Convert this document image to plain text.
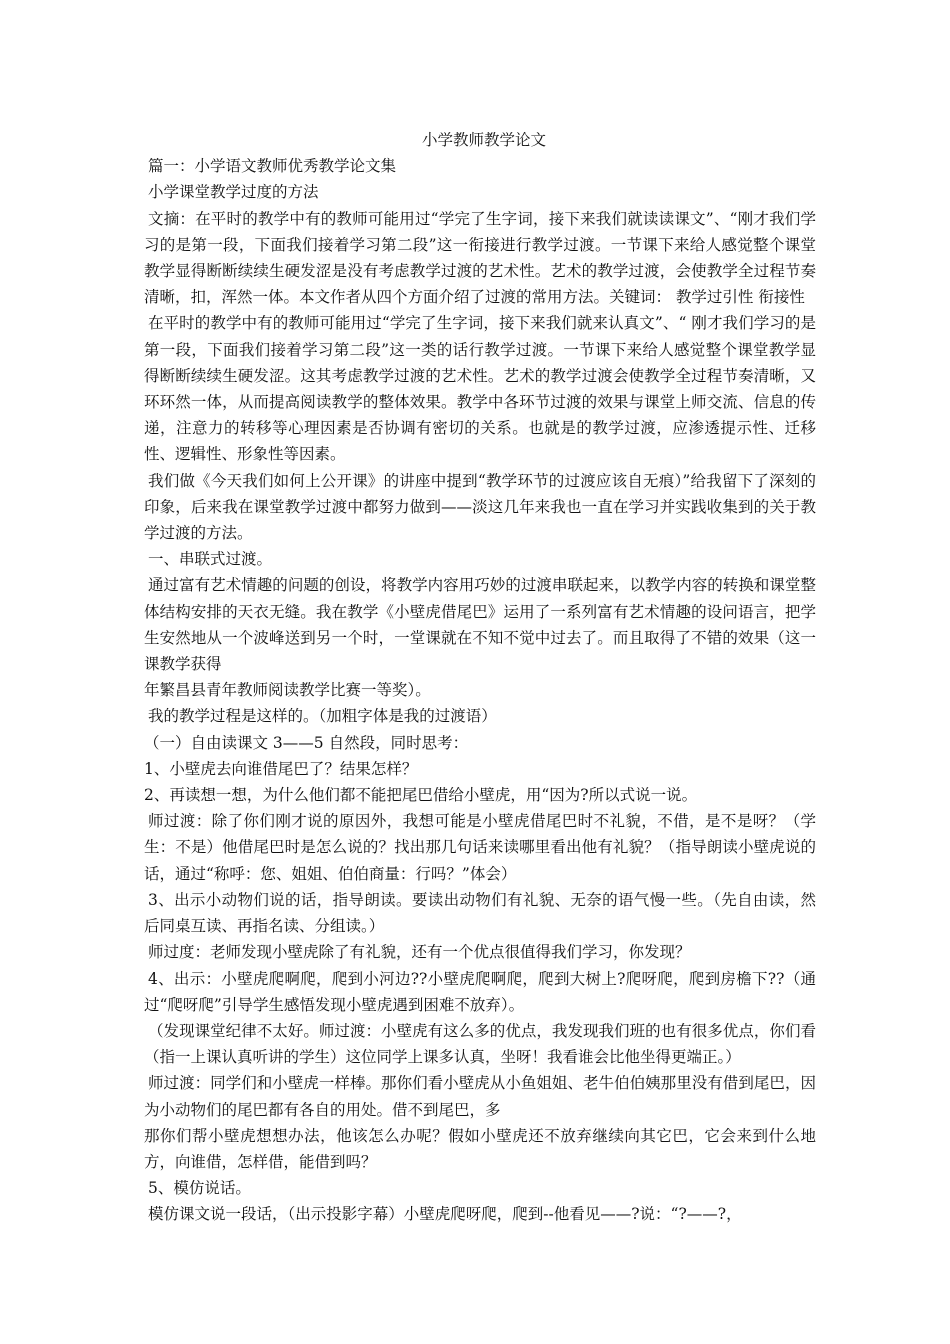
小学教师教学论文

篇一：小学语文教师优秀教学论文集

小学课堂教学过度的方法

文摘：在平时的教学中有的教师可能用过“学完了生字词，接下来我们就读读课文”、“刚才我们学习的是第一段，下面我们接着学习第二段”这一衔接进行教学过渡。一节课下来给人感觉整个课堂教学显得断断续续生硬发涩是没有考虑教学过渡的艺术性。艺术的教学过渡，会使教学全过程节奏清晰，扣，浑然一体。本文作者从四个方面介绍了过渡的常用方法。关键词： 教学过引性 衔接性

在平时的教学中有的教师可能用过“学完了生字词，接下来我们就来认真文”、“ 刚才我们学习的是第一段，下面我们接着学习第二段”这一类的话行教学过渡。一节课下来给人感觉整个课堂教学显得断断续续生硬发涩。这其考虑教学过渡的艺术性。艺术的教学过渡会使教学全过程节奏清晰，又环环然一体，从而提高阅读教学的整体效果。教学中各环节过渡的效果与课堂上师交流、信息的传递，注意力的转移等心理因素是否协调有密切的关系。也就是的教学过渡，应渗透提示性、迁移性、逻辑性、形象性等因素。

我们做《今天我们如何上公开课》的讲座中提到“教学环节的过渡应该自无痕）”给我留下了深刻的印象，后来我在课堂教学过渡中都努力做到——淡这几年来我也一直在学习并实践收集到的关于教学过渡的方法。

一、串联式过渡。

通过富有艺术情趣的问题的创设，将教学内容用巧妙的过渡串联起来，以教学内容的转换和课堂整体结构安排的天衣无缝。我在教学《小壁虎借尾巴》运用了一系列富有艺术情趣的设问语言，把学生安然地从一个波峰送到另一个时，一堂课就在不知不觉中过去了。而且取得了不错的效果（这一课教学获得

年繁昌县青年教师阅读教学比赛一等奖）。

我的教学过程是这样的。（加粗字体是我的过渡语）

（一）自由读课文 3——5 自然段，同时思考：

1、小壁虎去向谁借尾巴了？结果怎样？

2、再读想一想，为什么他们都不能把尾巴借给小壁虎，用“因为?所以式说一说。

师过渡：除了你们刚才说的原因外，我想可能是小壁虎借尾巴时不礼貌，不借，是不是呀？（学生：不是）他借尾巴时是怎么说的？找出那几句话来读哪里看出他有礼貌？（指导朗读小壁虎说的话，通过“称呼：您、姐姐、伯伯商量：行吗？”体会）

3、出示小动物们说的话，指导朗读。要读出动物们有礼貌、无奈的语气慢一些。（先自由读，然后同桌互读、再指名读、分组读。）

师过度：老师发现小壁虎除了有礼貌，还有一个优点很值得我们学习，你发现？

4、出示：小壁虎爬啊爬，爬到小河边??小壁虎爬啊爬，爬到大树上?爬呀爬，爬到房檐下??（通过“爬呀爬”引导学生感悟发现小壁虎遇到困难不放弃）。

（发现课堂纪律不太好。师过渡：小壁虎有这么多的优点，我发现我们班的也有很多优点，你们看（指一上课认真听讲的学生）这位同学上课多认真，坐呀！我看谁会比他坐得更端正。）

师过渡：同学们和小壁虎一样棒。那你们看小壁虎从小鱼姐姐、老牛伯伯姨那里没有借到尾巴，因为小动物们的尾巴都有各自的用处。借不到尾巴，多

那你们帮小壁虎想想办法，他该怎么办呢？假如小壁虎还不放弃继续向其它巴，它会来到什么地方，向谁借，怎样借，能借到吗？

5、模仿说话。

模仿课文说一段话，（出示投影字幕）小壁虎爬呀爬，爬到--他看见——?说：“?——?，
